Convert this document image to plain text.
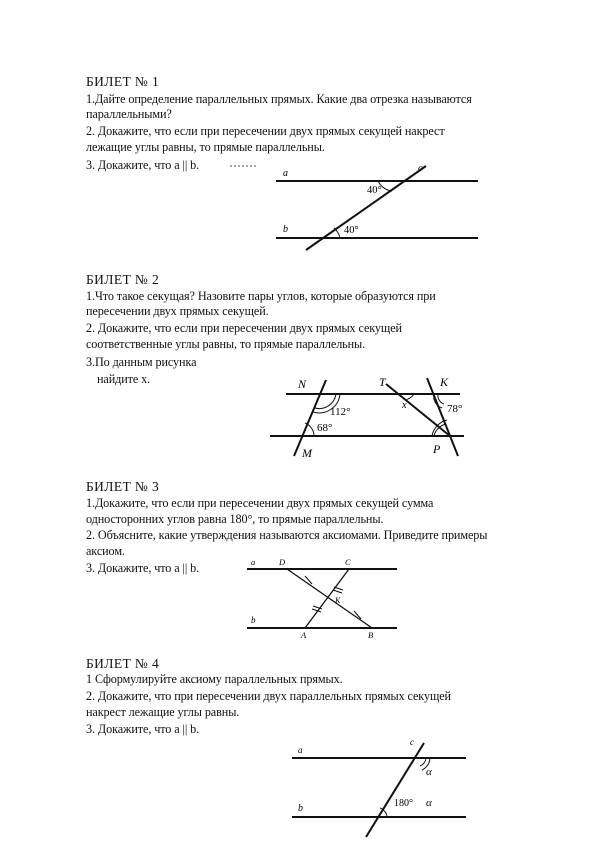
БИЛЕТ № 1
1.Дайте определение параллельных прямых. Какие два отрезка называются
параллельными?
2. Докажите, что если при пересечении двух прямых секущей накрест
лежащие углы равны, то прямые параллельны.
3. Докажите, что а || b.
a
b
c
40°
40°
БИЛЕТ № 2
1.Что такое секущая? Назовите пары углов, которые образуются при
пересечении двух прямых секущей.
2. Докажите, что если при пересечении двух прямых секущей
соответственные углы равны, то прямые параллельны.
3.По данным рисунка
найдите х.	N	T	K
M	P
x
112°
68°
78°
БИЛЕТ № 3
1.Докажите, что если при пересечении двух прямых секущей сумма
односторонних углов равна 180°, то прямые параллельны.
2. Объясните, какие утверждения называются аксиомами. Приведите примеры
аксиом.
3. Докажите, что а || b.	a
b
D	C
K
A	B
БИЛЕТ № 4
1 Сформулируйте аксиому параллельных прямых.
2. Докажите, что при пересечении двух параллельных прямых секущей
накрест лежащие углы равны.
3. Докажите, что а || b.
a
b
c
α
180° α
